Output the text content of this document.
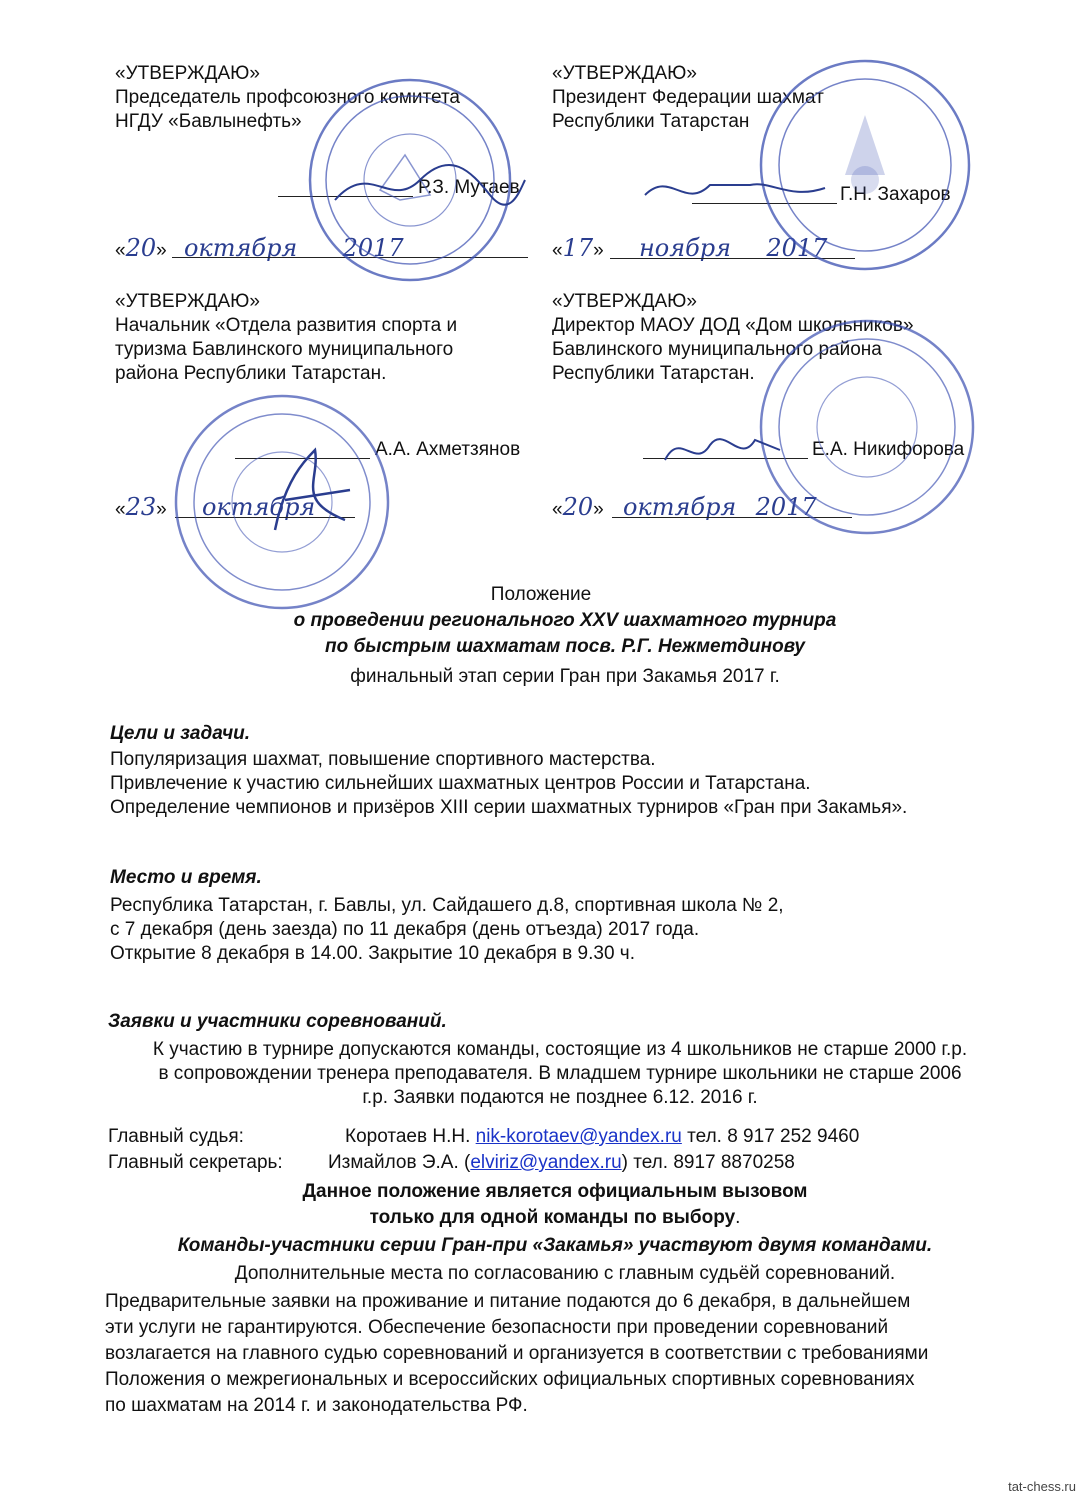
«УТВЕРЖДАЮ»
Председатель профсоюзного комитета
НГДУ «Бавлынефть»
Р.З. Мутаев
«20» октября 2017
«УТВЕРЖДАЮ»
Президент Федерации шахмат
Республики Татарстан
Г.Н. Захаров
«17» ноября 2017
«УТВЕРЖДАЮ»
Начальник «Отдела развития спорта и
туризма Бавлинского муниципального
района Республики Татарстан.
А.А. Ахметзянов
«23» октября
«УТВЕРЖДАЮ»
Директор МАОУ ДОД «Дом школьников»
Бавлинского муниципального района
Республики Татарстан.
Е.А. Никифорова
«20» октября 2017
Положение
о проведении регионального XXV шахматного турнира
по быстрым шахматам посв. Р.Г. Нежметдинову
финальный этап серии Гран при Закамья 2017 г.
Цели и задачи.
Популяризация шахмат, повышение спортивного мастерства.
Привлечение к участию сильнейших шахматных центров России и Татарстана.
Определение чемпионов и призёров XIII серии шахматных турниров «Гран при Закамья».
Место и время.
Республика Татарстан, г. Бавлы, ул. Сайдашего д.8, спортивная школа № 2,
с 7 декабря (день заезда) по 11 декабря (день отъезда) 2017 года.
Открытие 8 декабря в 14.00. Закрытие 10 декабря в 9.30 ч.
Заявки и участники соревнований.
К участию в турнире допускаются команды, состоящие из 4 школьников не старше 2000 г.р.
в сопровождении тренера преподавателя. В младшем турнире школьники не старше 2006
г.р. Заявки подаются не позднее 6.12. 2016 г.
Главный судья:	Коротаев Н.Н. nik-korotaev@yandex.ru тел. 8 917 252 9460
Главный секретарь: Измайлов Э.А. (elviriz@yandex.ru) тел. 8917 8870258
Данное положение является официальным вызовом
только для одной команды по выбору.
Команды-участники серии Гран-при «Закамья» участвуют двумя командами.
Дополнительные места по согласованию с главным судьёй соревнований.
Предварительные заявки на проживание и питание подаются до 6 декабря, в дальнейшем
эти услуги не гарантируются. Обеспечение безопасности при проведении соревнований
возлагается на главного судью соревнований и организуется в соответствии с требованиями
Положения о межрегиональных и всероссийских официальных спортивных соревнованиях
по шахматам на 2014 г. и законодательства РФ.
tat-chess.ru
